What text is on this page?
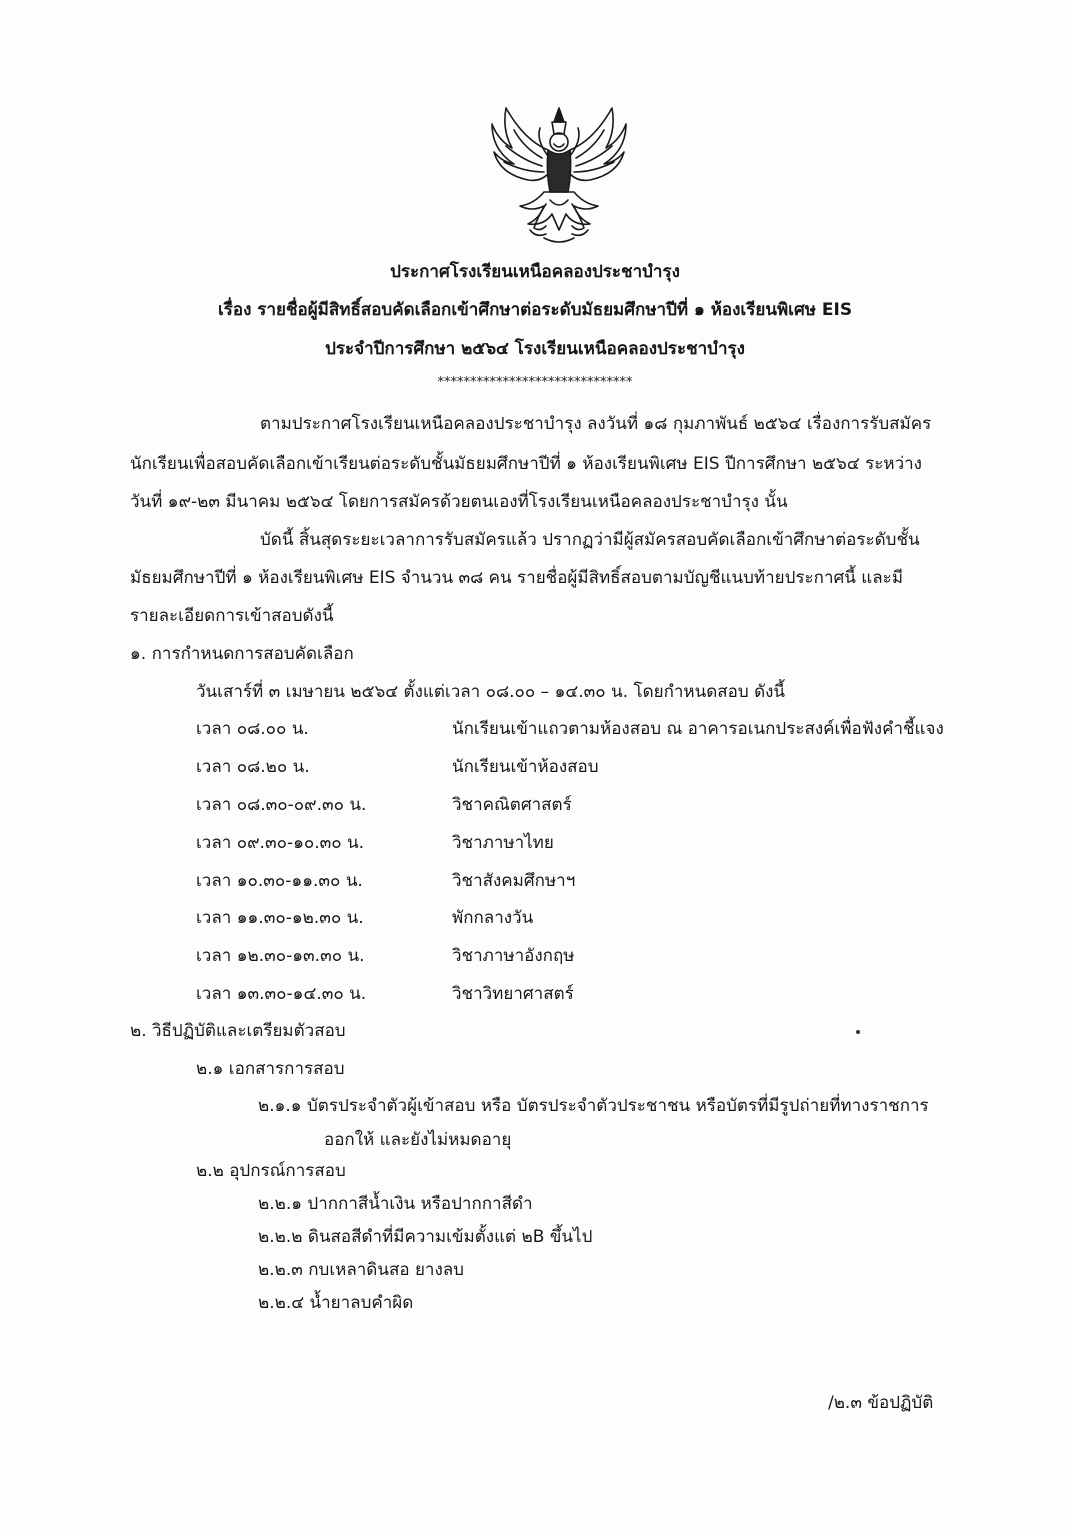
ประกาศโรงเรียนเหนือคลองประชาบำรุง
เรื่อง รายชื่อผู้มีสิทธิ์สอบคัดเลือกเข้าศึกษาต่อระดับมัธยมศึกษาปีที่ ๑ ห้องเรียนพิเศษ EIS
ประจำปีการศึกษา ๒๕๖๔ โรงเรียนเหนือคลองประชาบำรุง
******************************
ตามประกาศโรงเรียนเหนือคลองประชาบำรุง ลงวันที่ ๑๘ กุมภาพันธ์ ๒๕๖๔ เรื่องการรับสมัคร
นักเรียนเพื่อสอบคัดเลือกเข้าเรียนต่อระดับชั้นมัธยมศึกษาปีที่ ๑ ห้องเรียนพิเศษ EIS ปีการศึกษา ๒๕๖๔ ระหว่าง
วันที่ ๑๙-๒๓ มีนาคม ๒๕๖๔ โดยการสมัครด้วยตนเองที่โรงเรียนเหนือคลองประชาบำรุง นั้น
บัดนี้ สิ้นสุดระยะเวลาการรับสมัครแล้ว ปรากฏว่ามีผู้สมัครสอบคัดเลือกเข้าศึกษาต่อระดับชั้น
มัธยมศึกษาปีที่ ๑ ห้องเรียนพิเศษ EIS จำนวน ๓๘ คน รายชื่อผู้มีสิทธิ์สอบตามบัญชีแนบท้ายประกาศนี้ และมี
รายละเอียดการเข้าสอบดังนี้
๑. การกำหนดการสอบคัดเลือก
วันเสาร์ที่ ๓ เมษายน ๒๕๖๔ ตั้งแต่เวลา ๐๘.๐๐ – ๑๔.๓๐ น. โดยกำหนดสอบ ดังนี้
เวลา ๐๘.๐๐ น.	นักเรียนเข้าแถวตามห้องสอบ ณ อาคารอเนกประสงค์เพื่อฟังคำชี้แจง
เวลา ๐๘.๒๐ น.	นักเรียนเข้าห้องสอบ
เวลา ๐๘.๓๐-๐๙.๓๐ น.	วิชาคณิตศาสตร์
เวลา ๐๙.๓๐-๑๐.๓๐ น.	วิชาภาษาไทย
เวลา ๑๐.๓๐-๑๑.๓๐ น.	วิชาสังคมศึกษาฯ
เวลา ๑๑.๓๐-๑๒.๓๐ น.	พักกลางวัน
เวลา ๑๒.๓๐-๑๓.๓๐ น.	วิชาภาษาอังกฤษ
เวลา ๑๓.๓๐-๑๔.๓๐ น.	วิชาวิทยาศาสตร์
๒. วิธีปฏิบัติและเตรียมตัวสอบ
๒.๑ เอกสารการสอบ
๒.๑.๑ บัตรประจำตัวผู้เข้าสอบ หรือ บัตรประจำตัวประชาชน หรือบัตรที่มีรูปถ่ายที่ทางราชการ
ออกให้ และยังไม่หมดอายุ
๒.๒ อุปกรณ์การสอบ
๒.๒.๑ ปากกาสีน้ำเงิน หรือปากกาสีดำ
๒.๒.๒ ดินสอสีดำที่มีความเข้มตั้งแต่ ๒B ขึ้นไป
๒.๒.๓ กบเหลาดินสอ ยางลบ
๒.๒.๔ น้ำยาลบคำผิด
/๒.๓ ข้อปฏิบัติ
